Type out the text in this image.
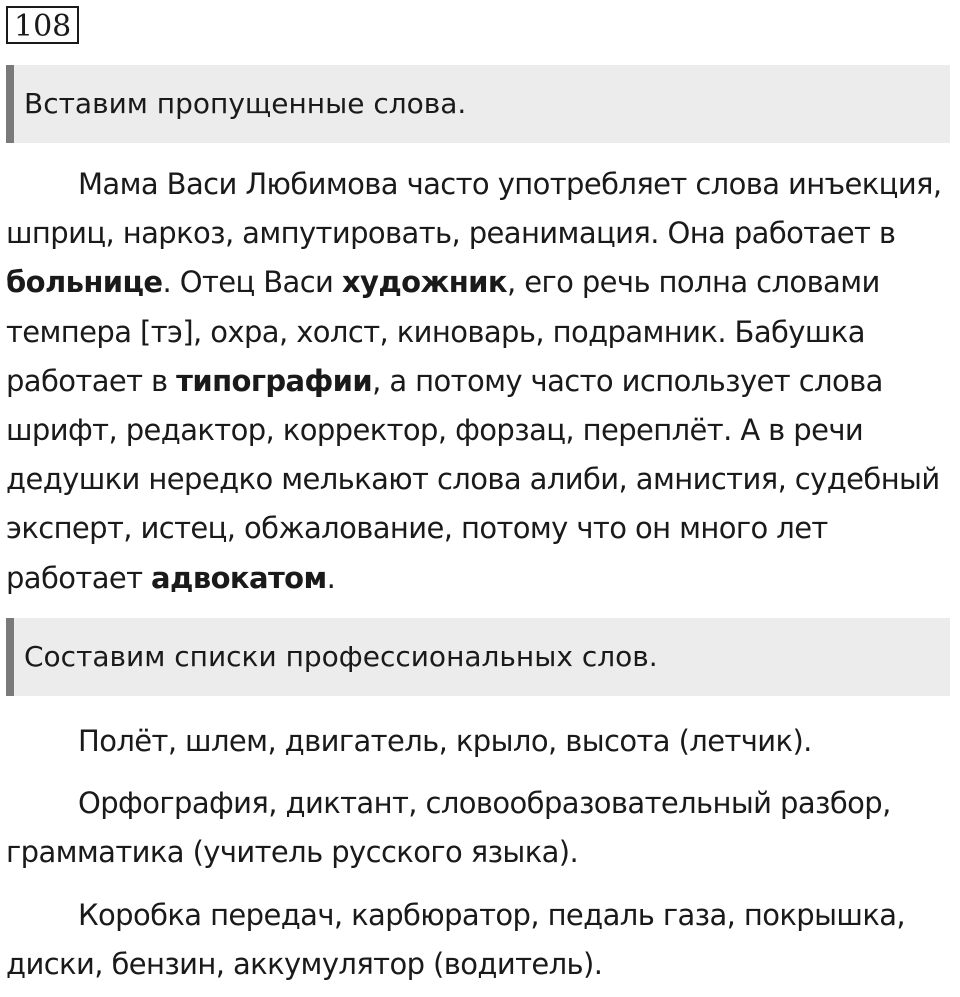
108
Вставим пропущенные слова.

Мама Васи Любимова часто употребляет слова инъекция, шприц, наркоз, ампутировать, реанимация. Она работает в больнице. Отец Васи художник, его речь полна словами темпера [тэ], охра, холст, киноварь, подрамник. Бабушка работает в типографии, а потому часто использует слова шрифт, редактор, корректор, форзац, переплёт. А в речи дедушки нередко мелькают слова алиби, амнистия, судебный эксперт, истец, обжалование, потому что он много лет работает адвокатом.

Составим списки профессиональных слов.

Полёт, шлем, двигатель, крыло, высота (летчик).

Орфография, диктант, словообразовательный разбор, грамматика (учитель русского языка).

Коробка передач, карбюратор, педаль газа, покрышка, диски, бензин, аккумулятор (водитель).
